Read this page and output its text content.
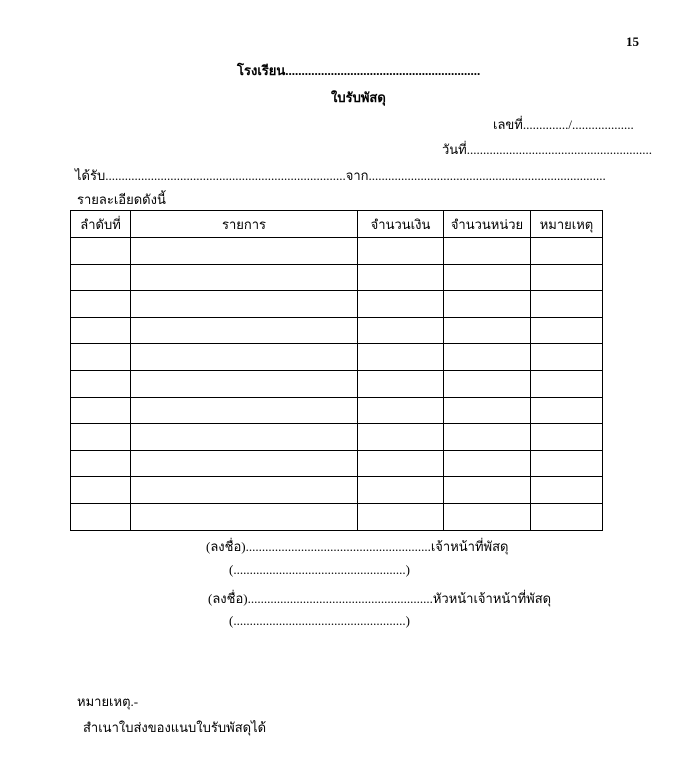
15
โรงเรียน............................................................
ใบรับพัสดุ
เลขที่............../...................
วันที่.........................................................
ได้รับ..........................................................................จาก.........................................................................
รายละเอียดดังนี้
ลำดับที่	รายการ	จำนวนเงิน	จำนวนหน่วย	หมายเหตุ

(ลงชื่อ).........................................................เจ้าหน้าที่พัสดุ
(.....................................................)
(ลงชื่อ).........................................................หัวหน้าเจ้าหน้าที่พัสดุ
(.....................................................)
หมายเหตุ.-
สำเนาใบส่งของแนบใบรับพัสดุได้
